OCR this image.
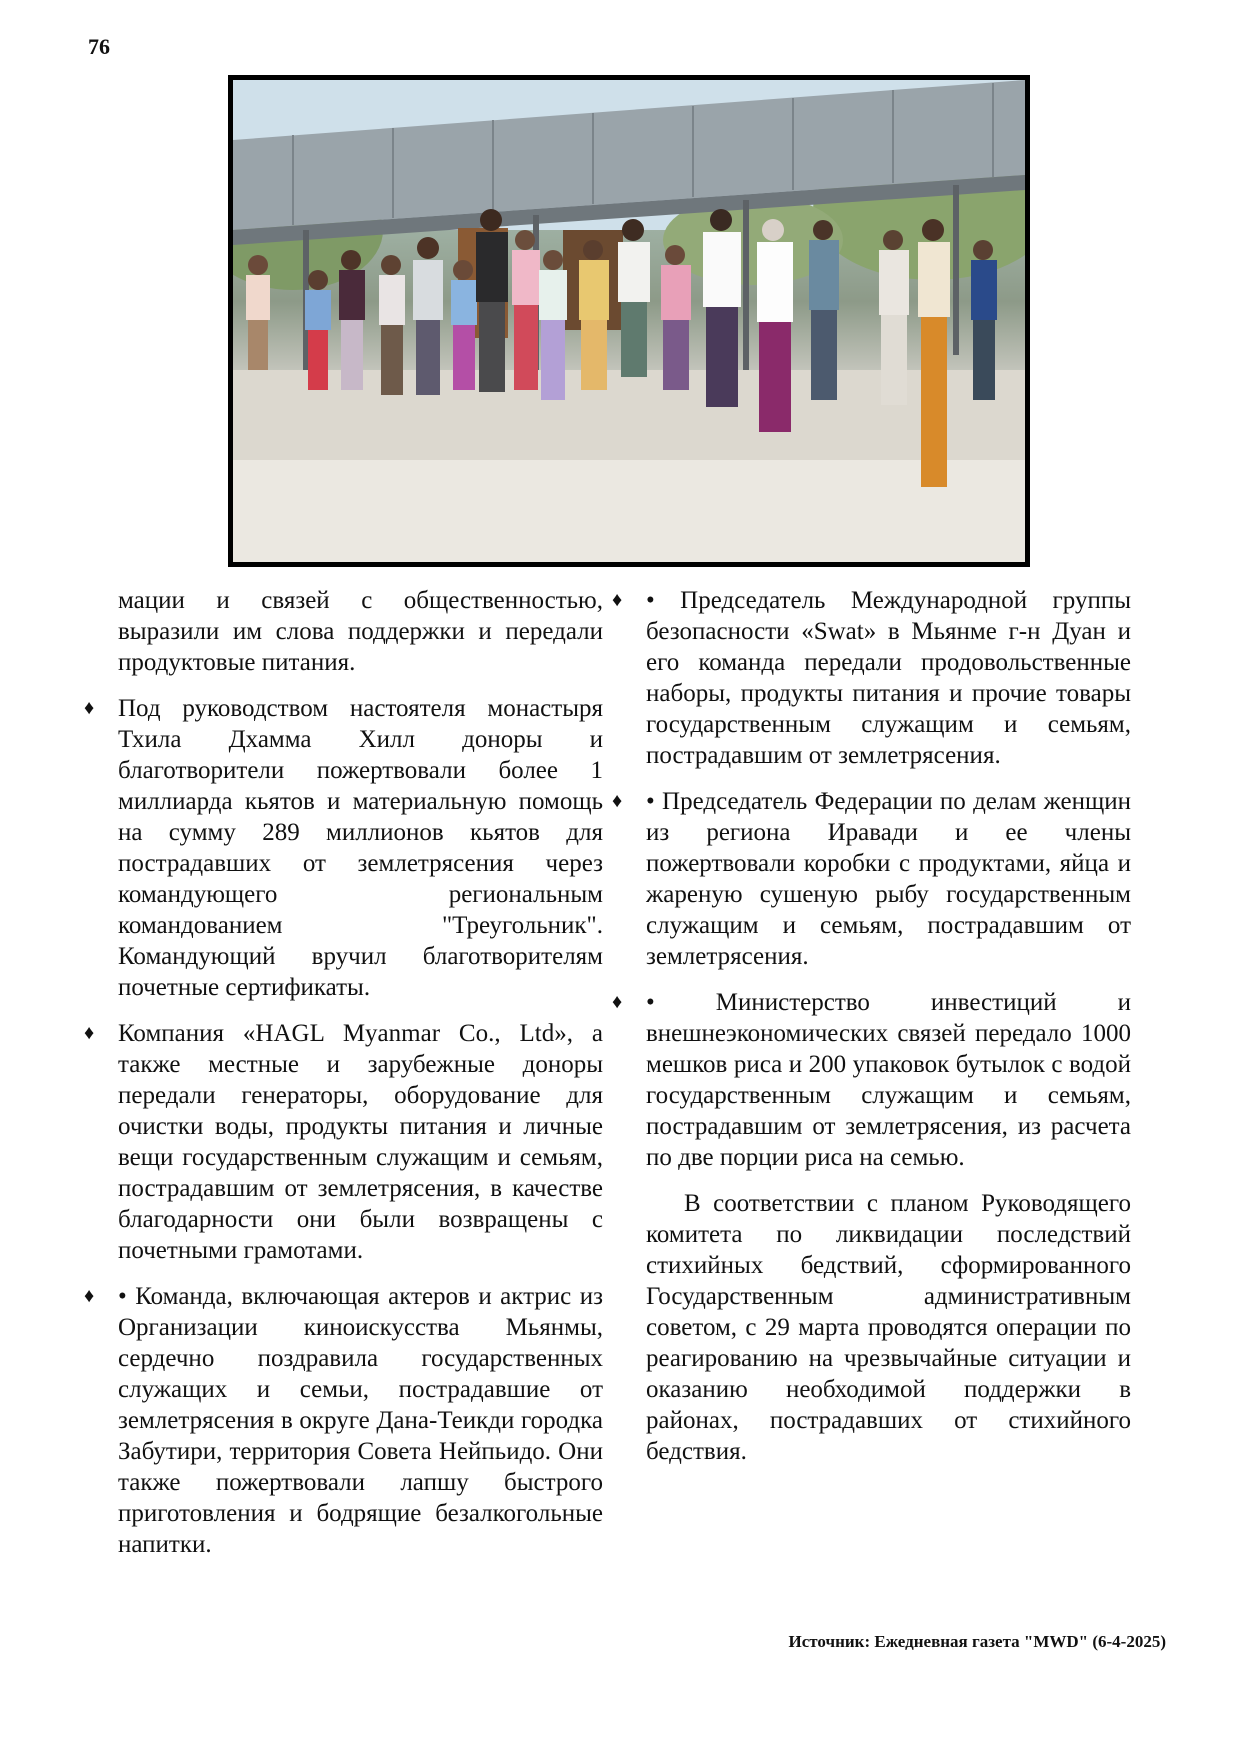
76

мации и связей с общественностью, выразили им слова поддержки и передали продуктовые питания.

♦ Под руководством настоятеля монастыря Тхила Дхамма Хилл доноры и благотворители пожертвовали более 1 миллиарда кьятов и материальную помощь на сумму 289 миллионов кьятов для пострадавших от землетрясения через командующего региональным командованием "Треугольник". Командующий вручил благотворителям почетные сертификаты.
♦ Компания «HAGL Myanmar Co., Ltd», а также местные и зарубежные доноры передали генераторы, оборудование для очистки воды, продукты питания и личные вещи государственным служащим и семьям, пострадавшим от землетрясения, в качестве благодарности они были возвращены с почетными грамотами.
♦ • Команда, включающая актеров и актрис из Организации киноискусства Мьянмы, сердечно поздравила государственных служащих и семьи, пострадавшие от землетрясения в округе Дана-Теикди городка Забутири, территория Совета Нейпьидо. Они также пожертвовали лапшу быстрого приготовления и бодрящие безалкогольные напитки.
♦ • Председатель Международной группы безопасности «Swat» в Мьянме г-н Дуан и его команда передали продовольственные наборы, продукты питания и прочие товары государственным служащим и семьям, пострадавшим от землетрясения.
♦ • Председатель Федерации по делам женщин из региона Иравади и ее члены пожертвовали коробки с продуктами, яйца и жареную сушеную рыбу государственным служащим и семьям, пострадавшим от землетрясения.
♦ • Министерство инвестиций и внешнеэкономических связей передало 1000 мешков риса и 200 упаковок бутылок с водой государственным служащим и семьям, пострадавшим от землетрясения, из расчета по две порции риса на семью.

В соответствии с планом Руководящего комитета по ликвидации последствий стихийных бедствий, сформированного Государственным административным советом, с 29 марта проводятся операции по реагированию на чрезвычайные ситуации и оказанию необходимой поддержки в районах, пострадавших от стихийного бедствия.

Источник: Ежедневная газета "MWD" (6-4-2025)
